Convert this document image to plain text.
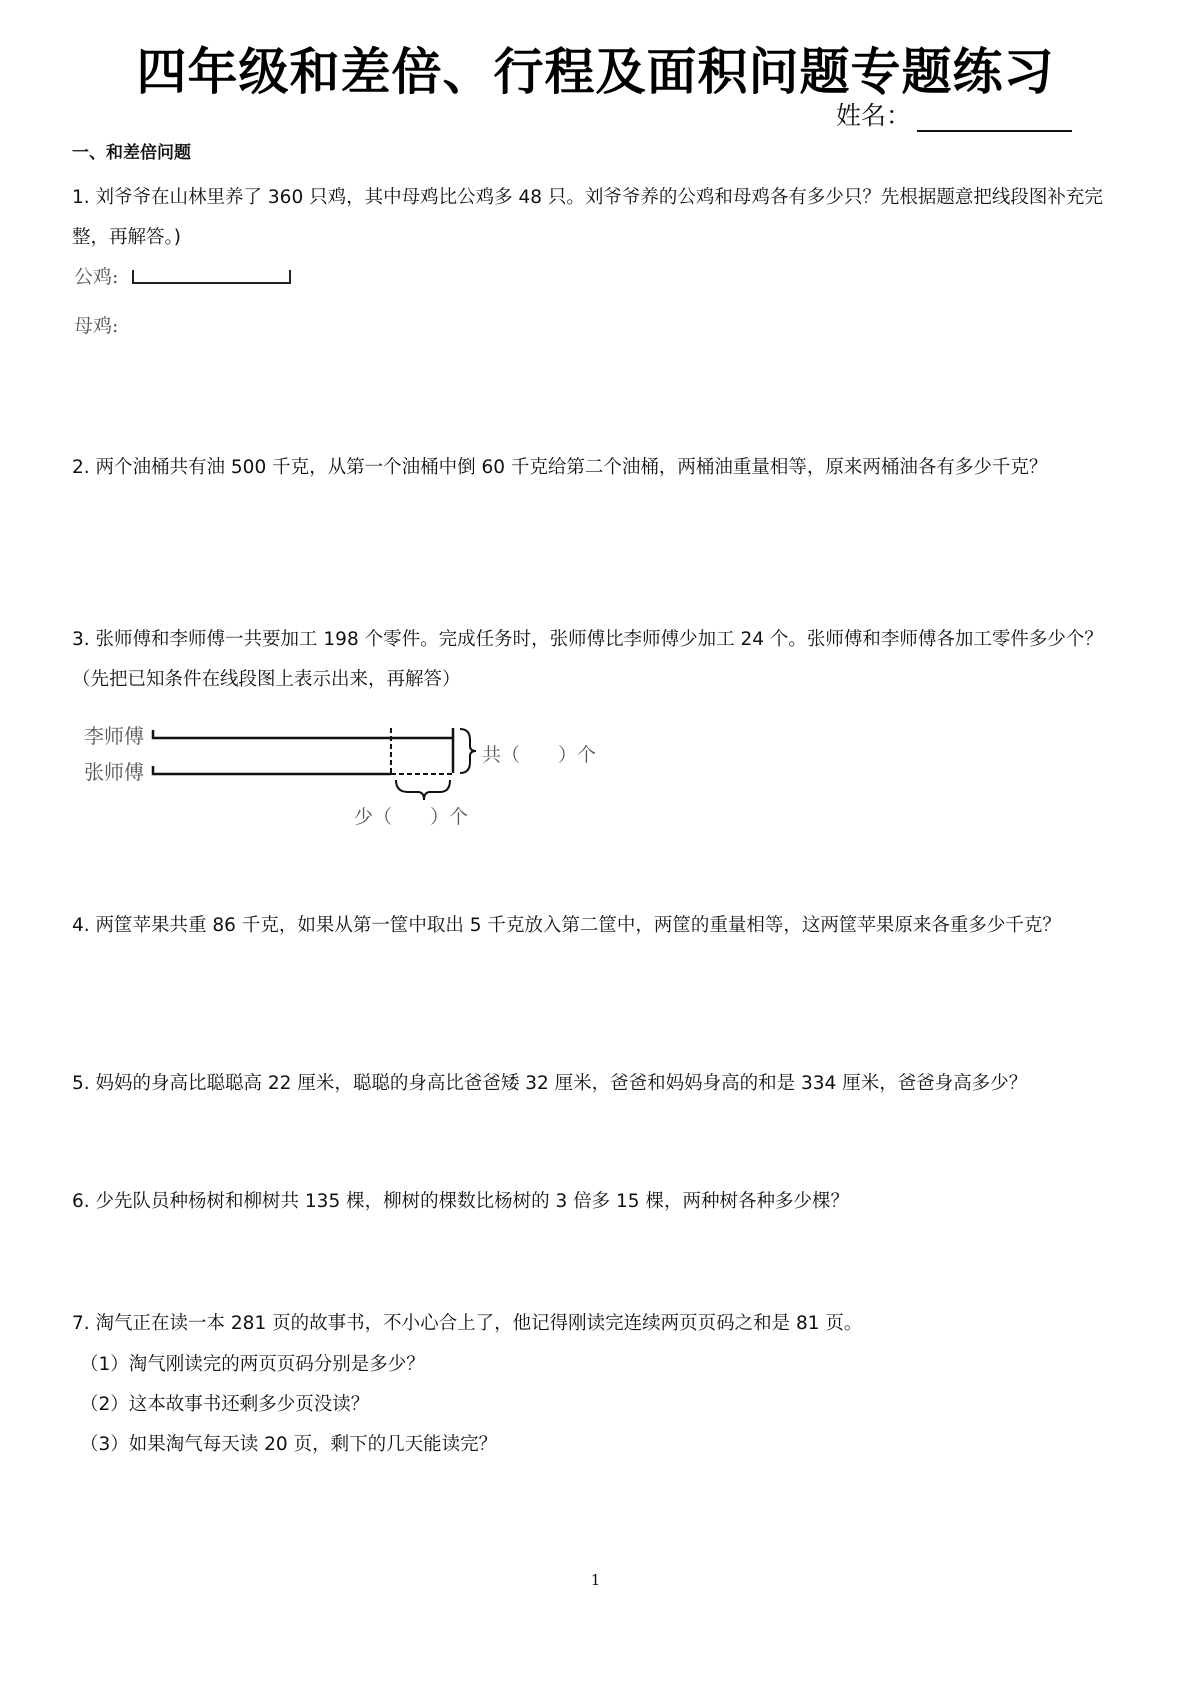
四年级和差倍、行程及面积问题专题练习
姓名：
一、和差倍问题
1. 刘爷爷在山林里养了 360 只鸡，其中母鸡比公鸡多 48 只。刘爷爷养的公鸡和母鸡各有多少只？先根据题意把线段图补充完整，再解答。)
公鸡:
母鸡:
2. 两个油桶共有油 500 千克，从第一个油桶中倒 60 千克给第二个油桶，两桶油重量相等，原来两桶油各有多少千克？
3. 张师傅和李师傅一共要加工 198 个零件。完成任务时，张师傅比李师傅少加工 24 个。张师傅和李师傅各加工零件多少个？（先把已知条件在线段图上表示出来，再解答）
李师傅
张师傅
共（　　）个
少（　　）个
4. 两筐苹果共重 86 千克，如果从第一筐中取出 5 千克放入第二筐中，两筐的重量相等，这两筐苹果原来各重多少千克？
5. 妈妈的身高比聪聪高 22 厘米，聪聪的身高比爸爸矮 32 厘米，爸爸和妈妈身高的和是 334 厘米，爸爸身高多少？
6. 少先队员种杨树和柳树共 135 棵，柳树的棵数比杨树的 3 倍多 15 棵，两种树各种多少棵？
7. 淘气正在读一本 281 页的故事书，不小心合上了，他记得刚读完连续两页页码之和是 81 页。
（1）淘气刚读完的两页页码分别是多少？
（2）这本故事书还剩多少页没读？
（3）如果淘气每天读 20 页，剩下的几天能读完？
1
